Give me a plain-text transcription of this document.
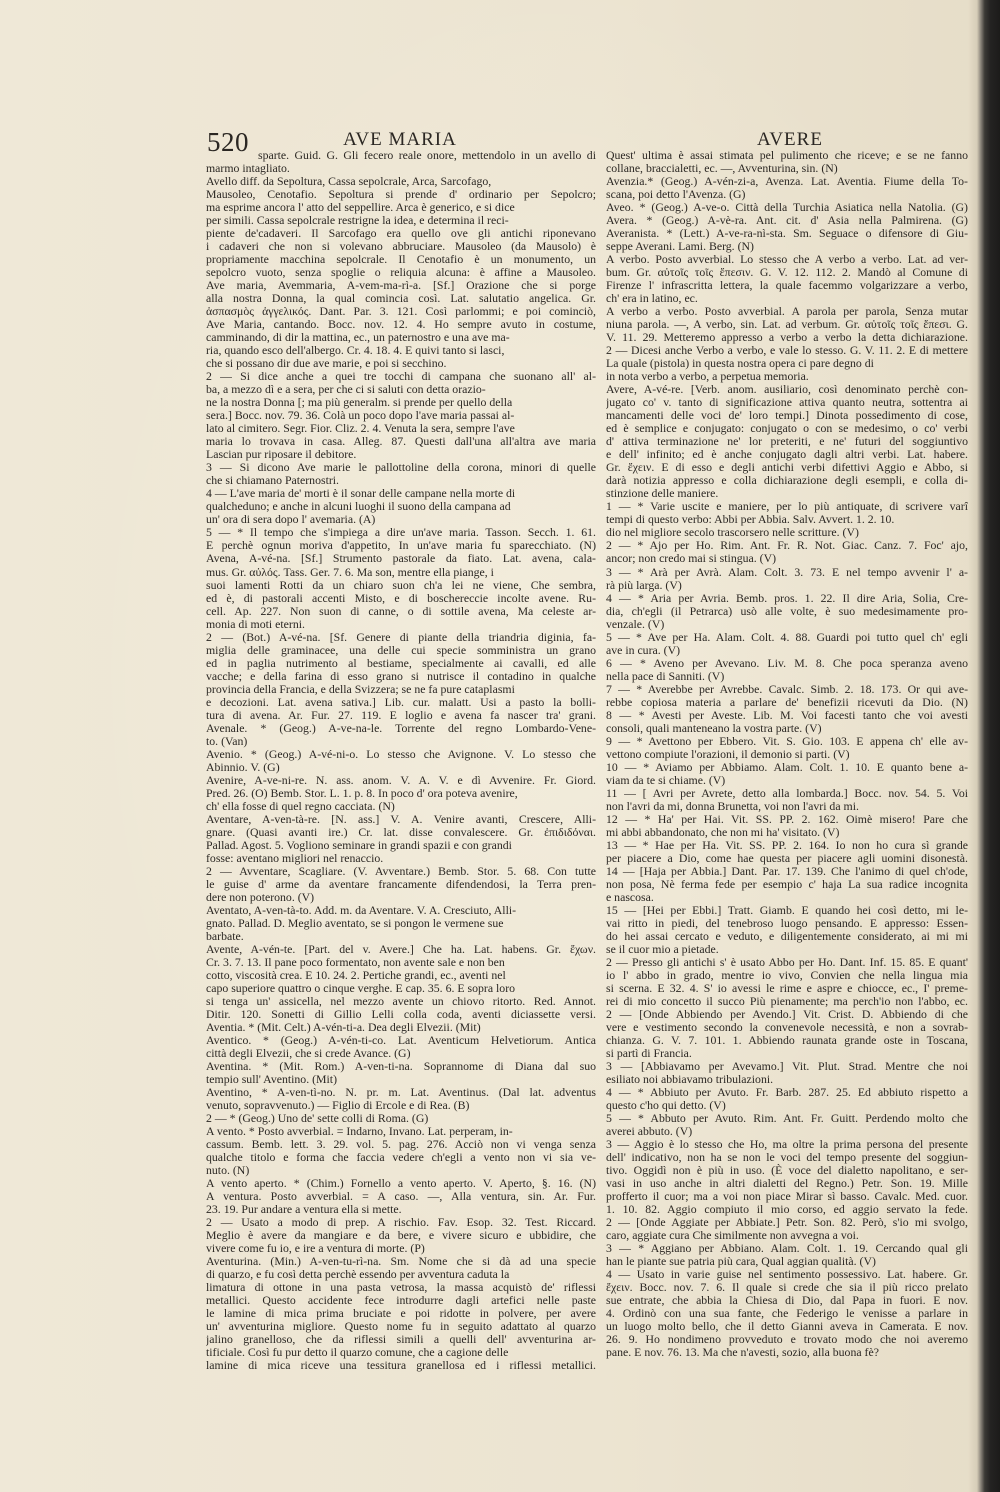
520	AVE MARIA	AVERE
sparte. Guid. G. Gli fecero reale onore, mettendolo in un avello di
marmo intagliato.
Avello diff. da Sepoltura, Cassa sepolcrale, Arca, Sarcofago,
Mausoleo, Cenotafio. Sepoltura si prende d' ordinario per Sepolcro;
ma esprime ancora l' atto del seppellire. Arca è generico, e si dice
per simili. Cassa sepolcrale restrigne la idea, e determina il reci-
piente de'cadaveri. Il Sarcofago era quello ove gli antichi riponevano
i cadaveri che non si volevano abbruciare. Mausoleo (da Mausolo) è
propriamente macchina sepolcrale. Il Cenotafio è un monumento, un
sepolcro vuoto, senza spoglie o reliquia alcuna: è affine a Mausoleo.
Ave maria, Avemmaria, A-vem-ma-rì-a. [Sf.] Orazione che si porge
alla nostra Donna, la qual comincia così. Lat. salutatio angelica. Gr.
ἀσπασμὸς ἀγγελικός. Dant. Par. 3. 121. Così parlommi; e poi cominciò,
Ave Maria, cantando. Bocc. nov. 12. 4. Ho sempre avuto in costume,
camminando, di dir la mattina, ec., un paternostro e una ave ma-
ria, quando esco dell'albergo. Cr. 4. 18. 4. E quivi tanto si lasci,
che si possano dir due ave marie, e poi si secchino.
2 — Si dice anche a quei tre tocchi di campana che suonano all' al-
ba, a mezzo dì e a sera, per che ci si saluti con detta orazio-
ne la nostra Donna [; ma più generalm. si prende per quello della
sera.] Bocc. nov. 79. 36. Colà un poco dopo l'ave maria passai al-
lato al cimitero. Segr. Fior. Cliz. 2. 4. Venuta la sera, sempre l'ave
maria lo trovava in casa. Alleg. 87. Questi dall'una all'altra ave maria
Lascian pur riposare il debitore.
3 — Si dicono Ave marie le pallottoline della corona, minori di quelle
che si chiamano Paternostri.
4 — L'ave maria de' morti è il sonar delle campane nella morte di
qualcheduno; e anche in alcuni luoghi il suono della campana ad
un' ora di sera dopo l' avemaria. (A)
5 — * Il tempo che s'impiega a dire un'ave maria. Tasson. Secch. 1. 61.
E perchè ognun moriva d'appetito, In un'ave maria fu sparecchiato. (N)
Avena, A-vé-na. [Sf.] Strumento pastorale da fiato. Lat. avena, cala-
mus. Gr. αὐλός. Tass. Ger. 7. 6. Ma son, mentre ella piange, i
suoi lamenti Rotti da un chiaro suon ch'a lei ne viene, Che sembra,
ed è, di pastorali accenti Misto, e di boschereccie incolte avene. Ru-
cell. Ap. 227. Non suon di canne, o di sottile avena, Ma celeste ar-
monia di moti eterni.
2 — (Bot.) A-vé-na. [Sf. Genere di piante della triandria diginia, fa-
miglia delle graminacee, una delle cui specie somministra un grano
ed in paglia nutrimento al bestiame, specialmente ai cavalli, ed alle
vacche; e della farina di esso grano si nutrisce il contadino in qualche
provincia della Francia, e della Svizzera; se ne fa pure cataplasmi
e decozioni. Lat. avena sativa.] Lib. cur. malatt. Usi a pasto la bolli-
tura di avena. Ar. Fur. 27. 119. E loglio e avena fa nascer tra' grani.
Avenale. * (Geog.) A-ve-na-le. Torrente del regno Lombardo-Vene-
to. (Van)
Avenio. * (Geog.) A-vé-ni-o. Lo stesso che Avignone. V. Lo stesso che
Abinnio. V. (G)
Avenire, A-ve-ni-re. N. ass. anom. V. A. V. e dì Avvenire. Fr. Giord.
Pred. 26. (O) Bemb. Stor. L. 1. p. 8. In poco d' ora poteva avenire,
ch' ella fosse di quel regno cacciata. (N)
Aventare, A-ven-tà-re. [N. ass.] V. A. Venire avanti, Crescere, Alli-
gnare. (Quasi avanti ire.) Cr. lat. disse convalescere. Gr. ἐπιδιδόναι.
Pallad. Agost. 5. Vogliono seminare in grandi spazii e con grandi
fosse: aventano migliori nel renaccio.
2 — Avventare, Scagliare. (V. Avventare.) Bemb. Stor. 5. 68. Con tutte
le guise d' arme da aventare francamente difendendosi, la Terra pren-
dere non poterono. (V)
Aventato, A-ven-tà-to. Add. m. da Aventare. V. A. Cresciuto, Alli-
gnato. Pallad. D. Meglio aventato, se si pongon le vermene sue
barbate.
Avente, A-vén-te. [Part. del v. Avere.] Che ha. Lat. habens. Gr. ἔχων.
Cr. 3. 7. 13. Il pane poco formentato, non avente sale e non ben
cotto, viscosità crea. E 10. 24. 2. Pertiche grandi, ec., aventi nel
capo superiore quattro o cinque verghe. E cap. 35. 6. E sopra loro
si tenga un' assicella, nel mezzo avente un chiovo ritorto. Red. Annot.
Ditir. 120. Sonetti di Gillio Lelli colla coda, aventi diciassette versi.
Aventia. * (Mit. Celt.) A-vén-ti-a. Dea degli Elvezii. (Mit)
Aventico. * (Geog.) A-vén-ti-co. Lat. Aventicum Helvetiorum. Antica
città degli Elvezii, che si crede Avance. (G)
Aventina. * (Mit. Rom.) A-ven-ti-na. Soprannome di Diana dal suo
tempio sull' Aventino. (Mit)
Aventino, * A-ven-tì-no. N. pr. m. Lat. Aventinus. (Dal lat. adventus
venuto, sopravvenuto.) — Figlio di Ercole e di Rea. (B)
2 — * (Geog.) Uno de' sette colli di Roma. (G)
A vento. * Posto avverbial. = Indarno, Invano. Lat. perperam, in-
cassum. Bemb. lett. 3. 29. vol. 5. pag. 276. Acciò non vi venga senza
qualche titolo e forma che faccia vedere ch'egli a vento non vi sia ve-
nuto. (N)
A vento aperto. * (Chim.) Fornello a vento aperto. V. Aperto, §. 16. (N)
A ventura. Posto avverbial. = A caso. —, Alla ventura, sin. Ar. Fur.
23. 19. Pur andare a ventura ella si mette.
2 — Usato a modo di prep. A rischio. Fav. Esop. 32. Test. Riccard.
Meglio è avere da mangiare e da bere, e vivere sicuro e ubbidire, che
vivere come fu io, e ire a ventura di morte. (P)
Aventurina. (Min.) A-ven-tu-rì-na. Sm. Nome che si dà ad una specie
di quarzo, e fu così detta perchè essendo per avventura caduta la
limatura di ottone in una pasta vetrosa, la massa acquistò de' riflessi
metallici. Questo accidente fece introdurre dagli artefici nelle paste
le lamine di mica prima bruciate e poi ridotte in polvere, per avere
un' avventurina migliore. Questo nome fu in seguito adattato al quarzo
jalino granelloso, che da riflessi simili a quelli dell' avventurina ar-
tificiale. Così fu pur detto il quarzo comune, che a cagione delle
lamine di mica riceve una tessitura granellosa ed i riflessi metallici.
Quest' ultima è assai stimata pel pulimento che riceve; e se ne fanno
collane, braccialetti, ec. —, Avventurina, sin. (N)
Avenzia.* (Geog.) A-vén-zi-a, Avenza. Lat. Aventia. Fiume della To-
scana, poi detto l'Avenza. (G)
Aveo. * (Geog.) A-ve-o. Città della Turchia Asiatica nella Natolia. (G)
Avera. * (Geog.) A-vè-ra. Ant. cit. d' Asia nella Palmirena. (G)
Averanista. * (Lett.) A-ve-ra-nì-sta. Sm. Seguace o difensore di Giu-
seppe Averani. Lami. Berg. (N)
A verbo. Posto avverbial. Lo stesso che A verbo a verbo. Lat. ad ver-
bum. Gr. αὐτοῖς τοῖς ἔπεσιν. G. V. 12. 112. 2. Mandò al Comune di
Firenze l' infrascritta lettera, la quale facemmo volgarizzare a verbo,
ch' era in latino, ec.
A verbo a verbo. Posto avverbial. A parola per parola, Senza mutar
niuna parola. —, A verbo, sin. Lat. ad verbum. Gr. αὐτοῖς τοῖς ἔπεσι. G.
V. 11. 29. Metteremo appresso a verbo a verbo la detta dichiarazione.
2 — Dicesi anche Verbo a verbo, e vale lo stesso. G. V. 11. 2. E di mettere
La quale (pistola) in questa nostra opera ci pare degno di
in nota verbo a verbo, a perpetua memoria.
Avere, A-vé-re. [Verb. anom. ausiliario, così denominato perchè con-
jugato co' v. tanto di significazione attiva quanto neutra, sottentra ai
mancamenti delle voci de' loro tempi.] Dinota possedimento di cose,
ed è semplice e conjugato: conjugato o con se medesimo, o co' verbi
d' attiva terminazione ne' lor preteriti, e ne' futuri del soggiuntivo
e dell' infinito; ed è anche conjugato dagli altri verbi. Lat. habere.
Gr. ἔχειν. E di esso e degli antichi verbi difettivi Aggio e Abbo, si
darà notizia appresso e colla dichiarazione degli esempli, e colla di-
stinzione delle maniere.
1 — * Varie uscite e maniere, per lo più antiquate, di scrivere varî
tempi di questo verbo: Abbi per Abbia. Salv. Avvert. 1. 2. 10.
dio nel migliore secolo trascorsero nelle scritture. (V)
2 — * Ajo per Ho. Rim. Ant. Fr. R. Not. Giac. Canz. 7. Foc' ajo,
ancor; non credo mai si stingua. (V)
3 — * Arà per Avrà. Alam. Colt. 3. 73. E nel tempo avvenir l' a-
rà più larga. (V)
4 — * Aria per Avria. Bemb. pros. 1. 22. Il dire Aria, Solia, Cre-
dia, ch'egli (il Petrarca) usò alle volte, è suo medesimamente pro-
venzale. (V)
5 — * Ave per Ha. Alam. Colt. 4. 88. Guardi poi tutto quel ch' egli
ave in cura. (V)
6 — * Aveno per Avevano. Liv. M. 8. Che poca speranza aveno
nella pace di Sanniti. (V)
7 — * Averebbe per Avrebbe. Cavalc. Simb. 2. 18. 173. Or qui ave-
rebbe copiosa materia a parlare de' benefizii ricevuti da Dio. (N)
8 — * Avesti per Aveste. Lib. M. Voi facesti tanto che voi avesti
consoli, quali manteneano la vostra parte. (V)
9 — * Avettono per Ebbero. Vit. S. Gio. 103. E appena ch' elle av-
vettono compiute l'orazioni, il demonio si parti. (V)
10 — * Aviamo per Abbiamo. Alam. Colt. 1. 10. E quanto bene a-
viam da te si chiame. (V)
11 — [ Avri per Avrete, detto alla lombarda.] Bocc. nov. 54. 5. Voi
non l'avri da mi, donna Brunetta, voi non l'avri da mi.
12 — * Ha' per Hai. Vit. SS. PP. 2. 162. Oimè misero! Pare che
mi abbi abbandonato, che non mi ha' visitato. (V)
13 — * Hae per Ha. Vit. SS. PP. 2. 164. Io non ho cura sì grande
per piacere a Dio, come hae questa per piacere agli uomini disonestà.
14 — [Haja per Abbia.] Dant. Par. 17. 139. Che l'animo di quel ch'ode,
non posa, Nè ferma fede per esempio c' haja La sua radice incognita
e nascosa.
15 — [Hei per Ebbi.] Tratt. Giamb. E quando hei così detto, mi le-
vai ritto in piedi, del tenebroso luogo pensando. E appresso: Essen-
do hei assai cercato e veduto, e diligentemente considerato, ai mi mi
se il cuor mio a pietade.
2 — Presso gli antichi s' è usato Abbo per Ho. Dant. Inf. 15. 85. E quant'
io l' abbo in grado, mentre io vivo, Convien che nella lingua mia
si scerna. E 32. 4. S' io avessi le rime e aspre e chiocce, ec., I' preme-
rei di mio concetto il succo Più pienamente; ma perch'io non l'abbo, ec.
2 — [Onde Abbiendo per Avendo.] Vit. Crist. D. Abbiendo di che
vere e vestimento secondo la convenevole necessità, e non a sovrab-
chianza. G. V. 7. 101. 1. Abbiendo raunata grande oste in Toscana,
si partì di Francia.
3 — [Abbiavamo per Avevamo.] Vit. Plut. Strad. Mentre che noi
esiliato noi abbiavamo tribulazioni.
4 — * Abbiuto per Avuto. Fr. Barb. 287. 25. Ed abbiuto rispetto a
questo c'ho qui detto. (V)
5 — * Abbuto per Avuto. Rim. Ant. Fr. Guitt. Perdendo molto che
averei abbuto. (V)
3 — Aggio è lo stesso che Ho, ma oltre la prima persona del presente
dell' indicativo, non ha se non le voci del tempo presente del soggiun-
tivo. Oggidì non è più in uso. (È voce del dialetto napolitano, e ser-
vasi in uso anche in altri dialetti del Regno.) Petr. Son. 19. Mille
profferto il cuor; ma a voi non piace Mirar sì basso. Cavalc. Med. cuor.
1. 10. 82. Aggio compiuto il mio corso, ed aggio servato la fede.
2 — [Onde Aggiate per Abbiate.] Petr. Son. 82. Però, s'io mi svolgo,
caro, aggiate cura Che similmente non avvegna a voi.
3 — * Aggiano per Abbiano. Alam. Colt. 1. 19. Cercando qual gli
han le piante sue patria più cara, Qual aggian qualità. (V)
4 — Usato in varie guise nel sentimento possessivo. Lat. habere. Gr.
ἔχειν. Bocc. nov. 7. 6. Il quale si crede che sia il più ricco prelato
sue entrate, che abbia la Chiesa di Dio, dal Papa in fuori. E nov.
4. Ordinò con una sua fante, che Federigo le venisse a parlare in
un luogo molto bello, che il detto Gianni aveva in Camerata. E nov.
26. 9. Ho nondimeno provveduto e trovato modo che noi averemo
pane. E nov. 76. 13. Ma che n'avesti, sozio, alla buona fè?
